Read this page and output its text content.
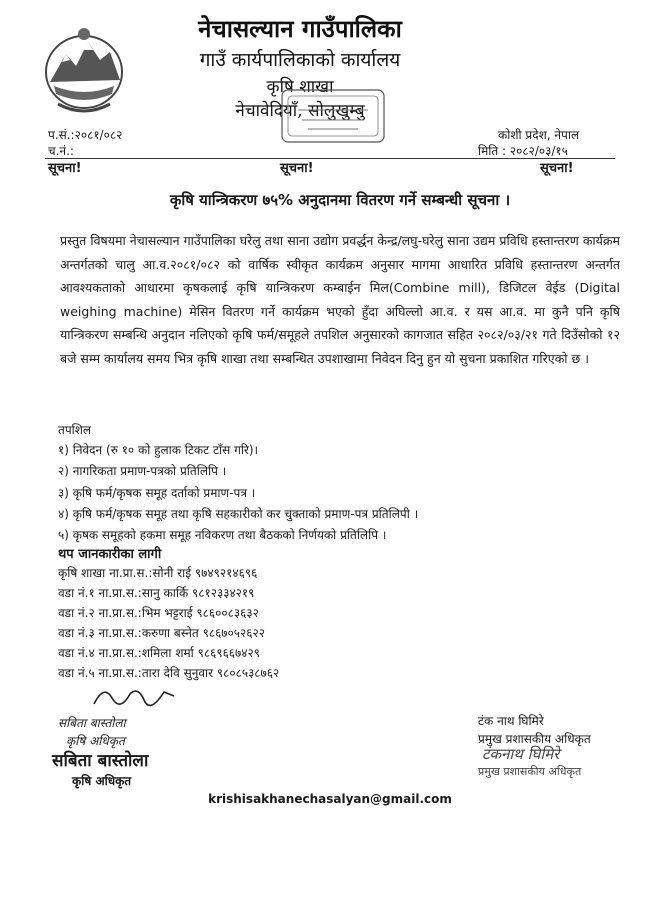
नेचासल्यान गाउँपालिका
गाउँ कार्यपालिकाको कार्यालय
कृषि शाखा
नेचावेदियाँ, सोलुखुम्बु
प.सं.:२०८१/०८२
च.नं.:
कोशी प्रदेश, नेपाल
मिति : २०८२/०३/१५
सूचना!	सूचना!	सूचना!
कृषि यान्त्रिकरण ७५% अनुदानमा वितरण गर्ने सम्बन्धी सूचना ।
प्रस्तुत विषयमा नेचासल्यान गाउँपालिका घरेलु तथा साना उद्योग प्रवर्द्धन केन्द्र/लघु-घरेलु साना उद्यम प्रविधि हस्तान्तरण कार्यक्रम अन्तर्गतको चालु आ.व.२०८१/०८२ को वार्षिक स्वीकृत कार्यक्रम अनुसार मागमा आधारित प्रविधि हस्तान्तरण अन्तर्गत आवश्यकताको आधारमा कृषकलाई कृषि यान्त्रिकरण कम्बाईन मिल(Combine mill), डिजिटल वेईड (Digital weighing machine) मेसिन वितरण गर्ने कार्यक्रम भएको हुँदा अघिल्लो आ.व. र यस आ.व. मा कुनै पनि कृषि यान्त्रिकरण सम्बन्धि अनुदान नलिएको कृषि फर्म/समूहले तपशिल अनुसारको कागजात सहित २०८२/०३/२१ गते दिउँसोको १२ बजे सम्म कार्यालय समय भित्र कृषि शाखा तथा सम्बन्धित उपशाखामा निवेदन दिनु हुन यो सुचना प्रकाशित गरिएको छ ।
तपशिल
१) निवेदन (रु १० को हुलाक टिकट टाँस गरि)।
२) नागरिकता प्रमाण-पत्रको प्रतिलिपि ।
३) कृषि फर्म/कृषक समूह दर्ताको प्रमाण-पत्र ।
४) कृषि फर्म/कृषक समूह तथा कृषि सहकारीको कर चुक्ताको प्रमाण-पत्र प्रतिलिपी ।
५) कृषक समूहको हकमा समूह नविकरण तथा बैठकको निर्णयको प्रतिलिपि ।
थप जानकारीका लागी
कृषि शाखा ना.प्रा.स.:सोनी राई ९७४९२१४६९६
वडा नं.१ ना.प्रा.स.:सानु कार्कि ९८१२३३४२१९
वडा नं.२ ना.प्रा.स.:भिम भट्टराई ९८६००८३६३२
वडा नं.३ ना.प्रा.स.:करुणा बस्नेत ९८६७०५२६२२
वडा नं.४ ना.प्रा.स.:शमिला शर्मा ९८६९६६७४२९
वडा नं.५ ना.प्रा.स.:तारा देवि सुनुवार ९८०८५३८७६२
सबिता बास्तोला
कृषि अधिकृत
सबिता बास्तोला
कृषि अधिकृत
टंक नाथ घिमिरे
प्रमुख प्रशासकीय अधिकृत
टंकनाथ घिमिरे
प्रमुख प्रशासकीय अधिकृत
krishisakhanechasalyan@gmail.com
